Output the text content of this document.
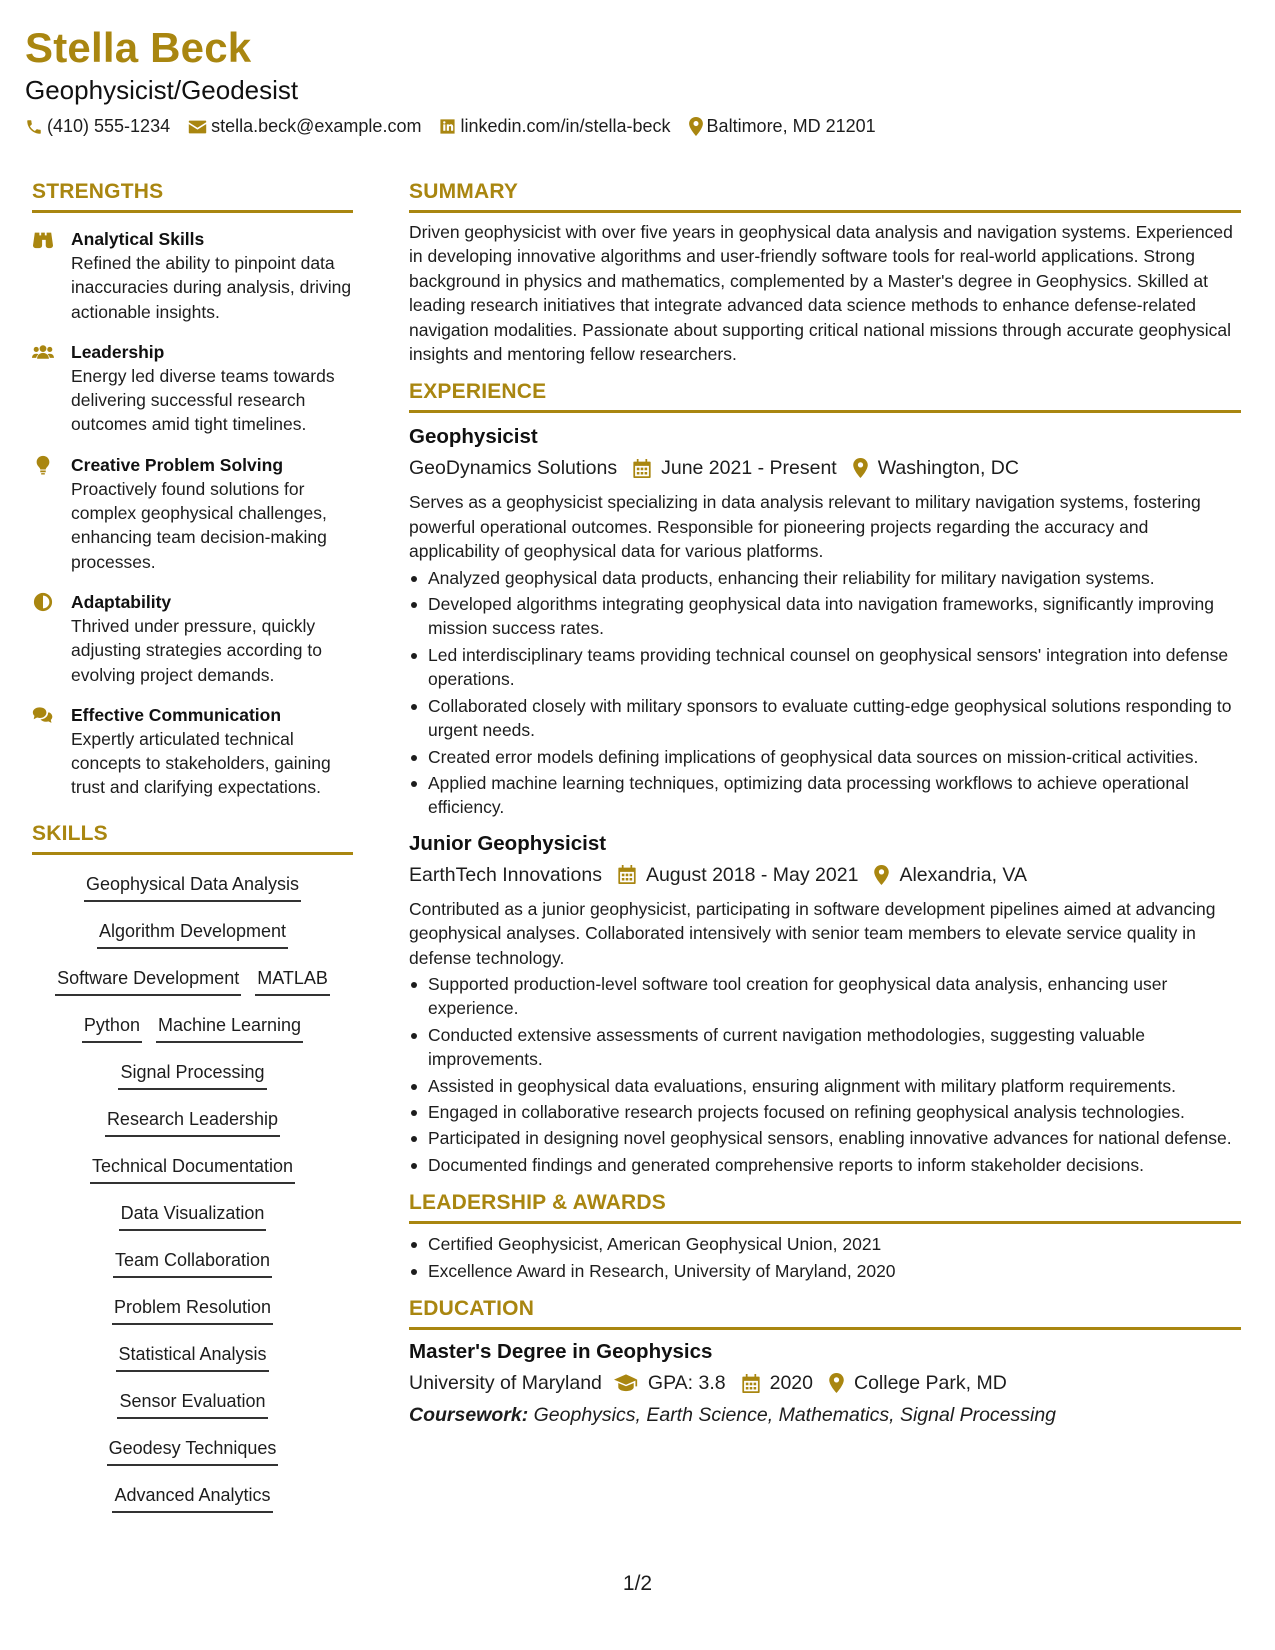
Stella Beck
Geophysicist/Geodesist
(410) 555-1234 stella.beck@example.com linkedin.com/in/stella-beck Baltimore, MD 21201
STRENGTHS
Analytical Skills
Refined the ability to pinpoint data inaccuracies during analysis, driving actionable insights.
Leadership
Energy led diverse teams towards delivering successful research outcomes amid tight timelines.
Creative Problem Solving
Proactively found solutions for complex geophysical challenges, enhancing team decision-making processes.
Adaptability
Thrived under pressure, quickly adjusting strategies according to evolving project demands.
Effective Communication
Expertly articulated technical concepts to stakeholders, gaining trust and clarifying expectations.
SKILLS
Geophysical Data Analysis
Algorithm Development
Software Development MATLAB
Python Machine Learning
Signal Processing
Research Leadership
Technical Documentation
Data Visualization
Team Collaboration
Problem Resolution
Statistical Analysis
Sensor Evaluation
Geodesy Techniques
Advanced Analytics
SUMMARY
Driven geophysicist with over five years in geophysical data analysis and navigation systems. Experienced in developing innovative algorithms and user-friendly software tools for real-world applications. Strong background in physics and mathematics, complemented by a Master's degree in Geophysics. Skilled at leading research initiatives that integrate advanced data science methods to enhance defense-related navigation modalities. Passionate about supporting critical national missions through accurate geophysical insights and mentoring fellow researchers.
EXPERIENCE
Geophysicist
GeoDynamics Solutions June 2021 - Present Washington, DC
Serves as a geophysicist specializing in data analysis relevant to military navigation systems, fostering powerful operational outcomes. Responsible for pioneering projects regarding the accuracy and applicability of geophysical data for various platforms.
Analyzed geophysical data products, enhancing their reliability for military navigation systems.
Developed algorithms integrating geophysical data into navigation frameworks, significantly improving mission success rates.
Led interdisciplinary teams providing technical counsel on geophysical sensors' integration into defense operations.
Collaborated closely with military sponsors to evaluate cutting-edge geophysical solutions responding to urgent needs.
Created error models defining implications of geophysical data sources on mission-critical activities.
Applied machine learning techniques, optimizing data processing workflows to achieve operational efficiency.
Junior Geophysicist
EarthTech Innovations August 2018 - May 2021 Alexandria, VA
Contributed as a junior geophysicist, participating in software development pipelines aimed at advancing geophysical analyses. Collaborated intensively with senior team members to elevate service quality in defense technology.
Supported production-level software tool creation for geophysical data analysis, enhancing user experience.
Conducted extensive assessments of current navigation methodologies, suggesting valuable improvements.
Assisted in geophysical data evaluations, ensuring alignment with military platform requirements.
Engaged in collaborative research projects focused on refining geophysical analysis technologies.
Participated in designing novel geophysical sensors, enabling innovative advances for national defense.
Documented findings and generated comprehensive reports to inform stakeholder decisions.
LEADERSHIP & AWARDS
Certified Geophysicist, American Geophysical Union, 2021
Excellence Award in Research, University of Maryland, 2020
EDUCATION
Master's Degree in Geophysics
University of Maryland GPA: 3.8 2020 College Park, MD
Coursework: Geophysics, Earth Science, Mathematics, Signal Processing
1/2
